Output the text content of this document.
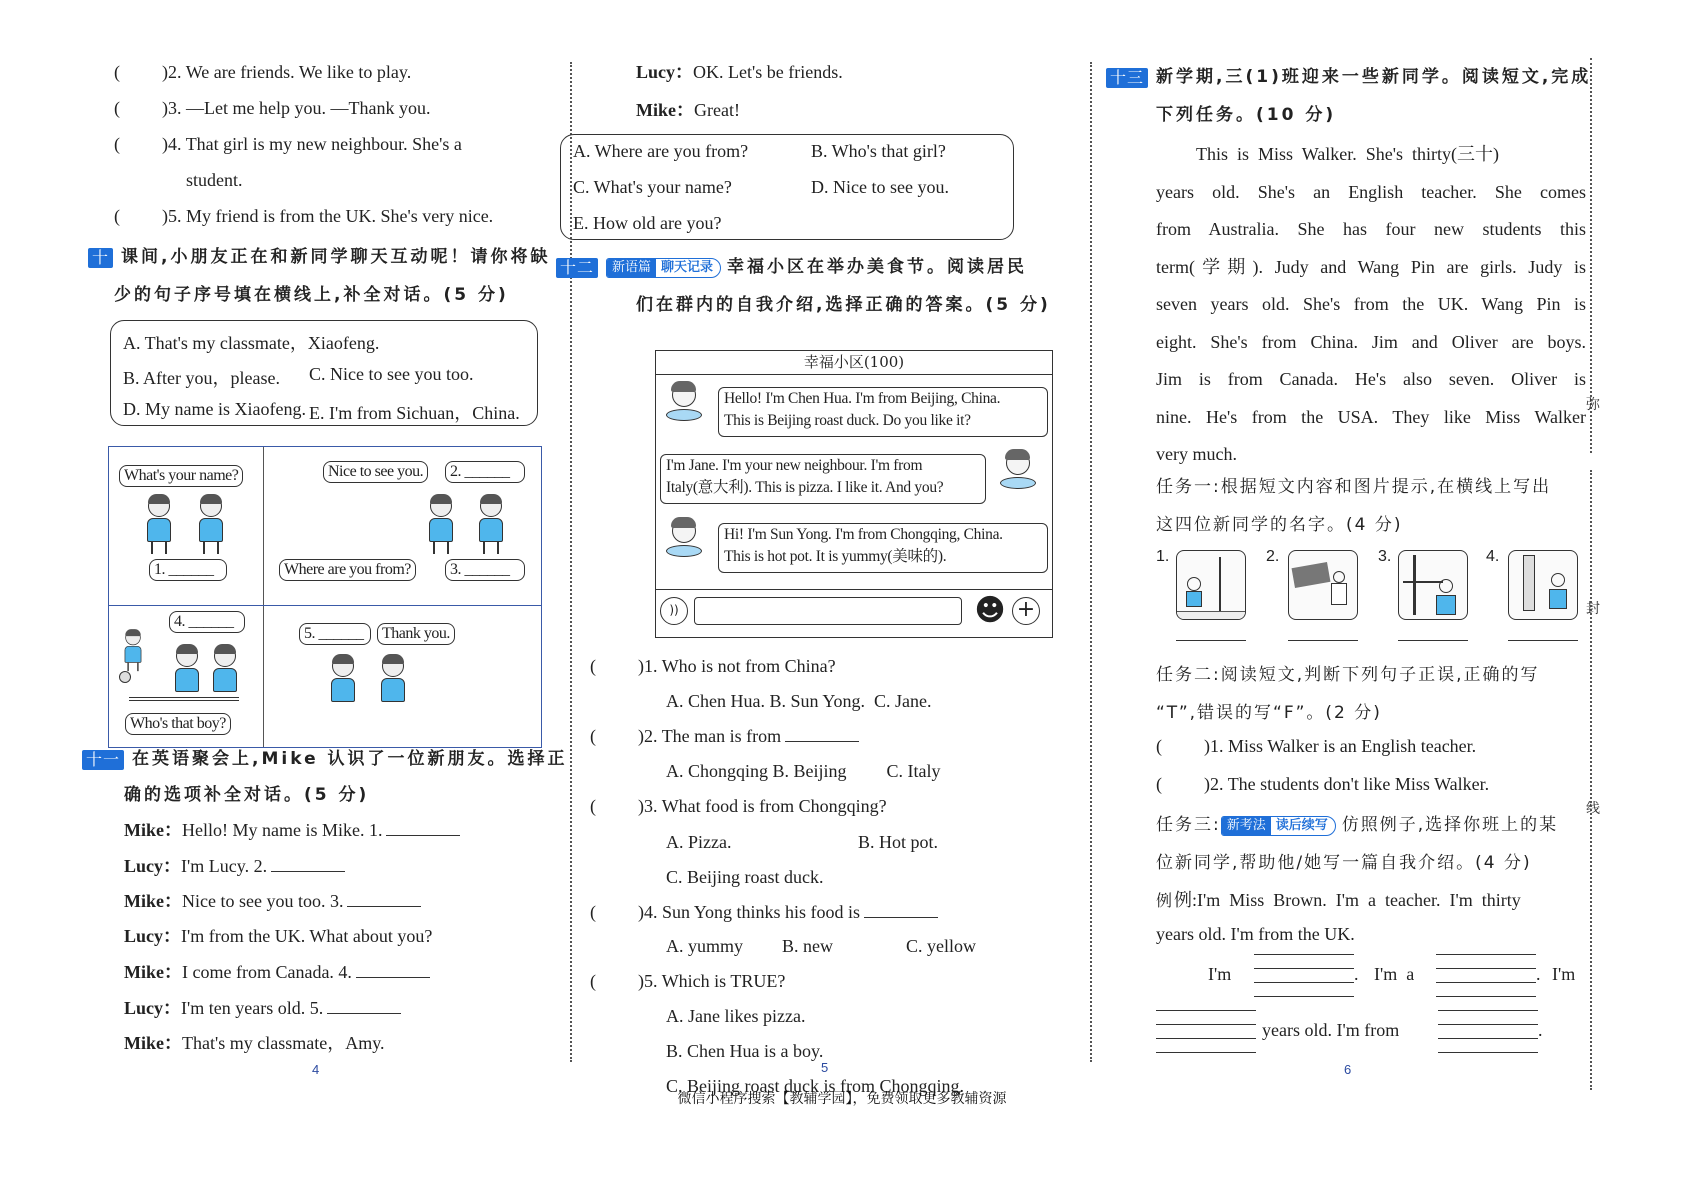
( )2. We are friends. We like to play.
( )3. —Let me help you. —Thank you.
( )4. That girl is my new neighbour. She's a
student.
( )5. My friend is from the UK. She's very nice.
十 课间,小朋友正在和新同学聊天互动呢！请你将缺
少的句子序号填在横线上,补全对话。(5 分)
A. That's my classmate，Xiaofeng.
B. After you，please. C. Nice to see you too.
D. My name is Xiaofeng. E. I'm from Sichuan，China.
What's your name?
1. ______
Nice to see you.	2. ______
Where are you from?	3. ______
4. ______
Who's that boy?
5. ______	Thank you.
十一 在英语聚会上,Mike 认识了一位新朋友。选择正
确的选项补全对话。(5 分)
Mike：Hello! My name is Mike. 1.
Lucy：I'm Lucy. 2.
Mike：Nice to see you too. 3.
Lucy：I'm from the UK. What about you?
Mike：I come from Canada. 4.
Lucy：I'm ten years old. 5.
Mike：That's my classmate，Amy.
Lucy：OK. Let's be friends.
Mike：Great!
A. Where are you from?	B. Who's that girl?
C. What's your name?	D. Nice to see you.
E. How old are you?
十二	新语篇 聊天记录 幸福小区在举办美食节。阅读居民
们在群内的自我介绍,选择正确的答案。(5 分)
幸福小区(100)
Hello! I'm Chen Hua. I'm from Beijing, China.
This is Beijing roast duck. Do you like it?
I'm Jane. I'm your new neighbour. I'm from
Italy(意大利). This is pizza. I like it. And you?
Hi! I'm Sun Yong. I'm from Chongqing, China.
This is hot pot. It is yummy(美味的).
))	☻ +
( )1. Who is not from China?
A. Chen Hua. B. Sun Yong. C. Jane.
( )2. The man is from
A. Chongqing B. Beijing C. Italy
( )3. What food is from Chongqing?
A. Pizza.	B. Hot pot.
C. Beijing roast duck.
( )4. Sun Yong thinks his food is
A. yummy B. new	C. yellow
( )5. Which is TRUE?
A. Jane likes pizza.
B. Chen Hua is a boy.
C. Beijing roast duck is from Chongqing.
十三 新学期,三(1)班迎来一些新同学。阅读短文,完成
下列任务。(10 分)
This  is  Miss  Walker.  She's  thirty(三十)
years old. She's an English teacher. She comes
from Australia. She has four new students this
term(学期). Judy and Wang Pin are girls. Judy is
seven years old. She's from the UK. Wang Pin is
eight. She's from China. Jim and Oliver are boys.
Jim is from Canada. He's also seven. Oliver is
nine. He's from the USA. They like Miss Walker
very much.
任务一:根据短文内容和图片提示,在横线上写出
这四位新同学的名字。(4 分)
1.	2.	3.	4.
任务二:阅读短文,判断下列句子正误,正确的写
“T”,错误的写“F”。(2 分)
( )1. Miss Walker is an English teacher.
( )2. The students don't like Miss Walker.
任务三: 新考法 读后续写 仿照例子,选择你班上的某
位新同学,帮助他/她写一篇自我介绍。(4 分)
例例:I'm  Miss  Brown.  I'm  a  teacher.  I'm  thirty
years old. I'm from the UK.
I'm	. I'm  a	. I'm
years old. I'm from	.
弥
封
线
4	5	6
微信小程序搜索【教辅学园】，免费领取更多教辅资源
